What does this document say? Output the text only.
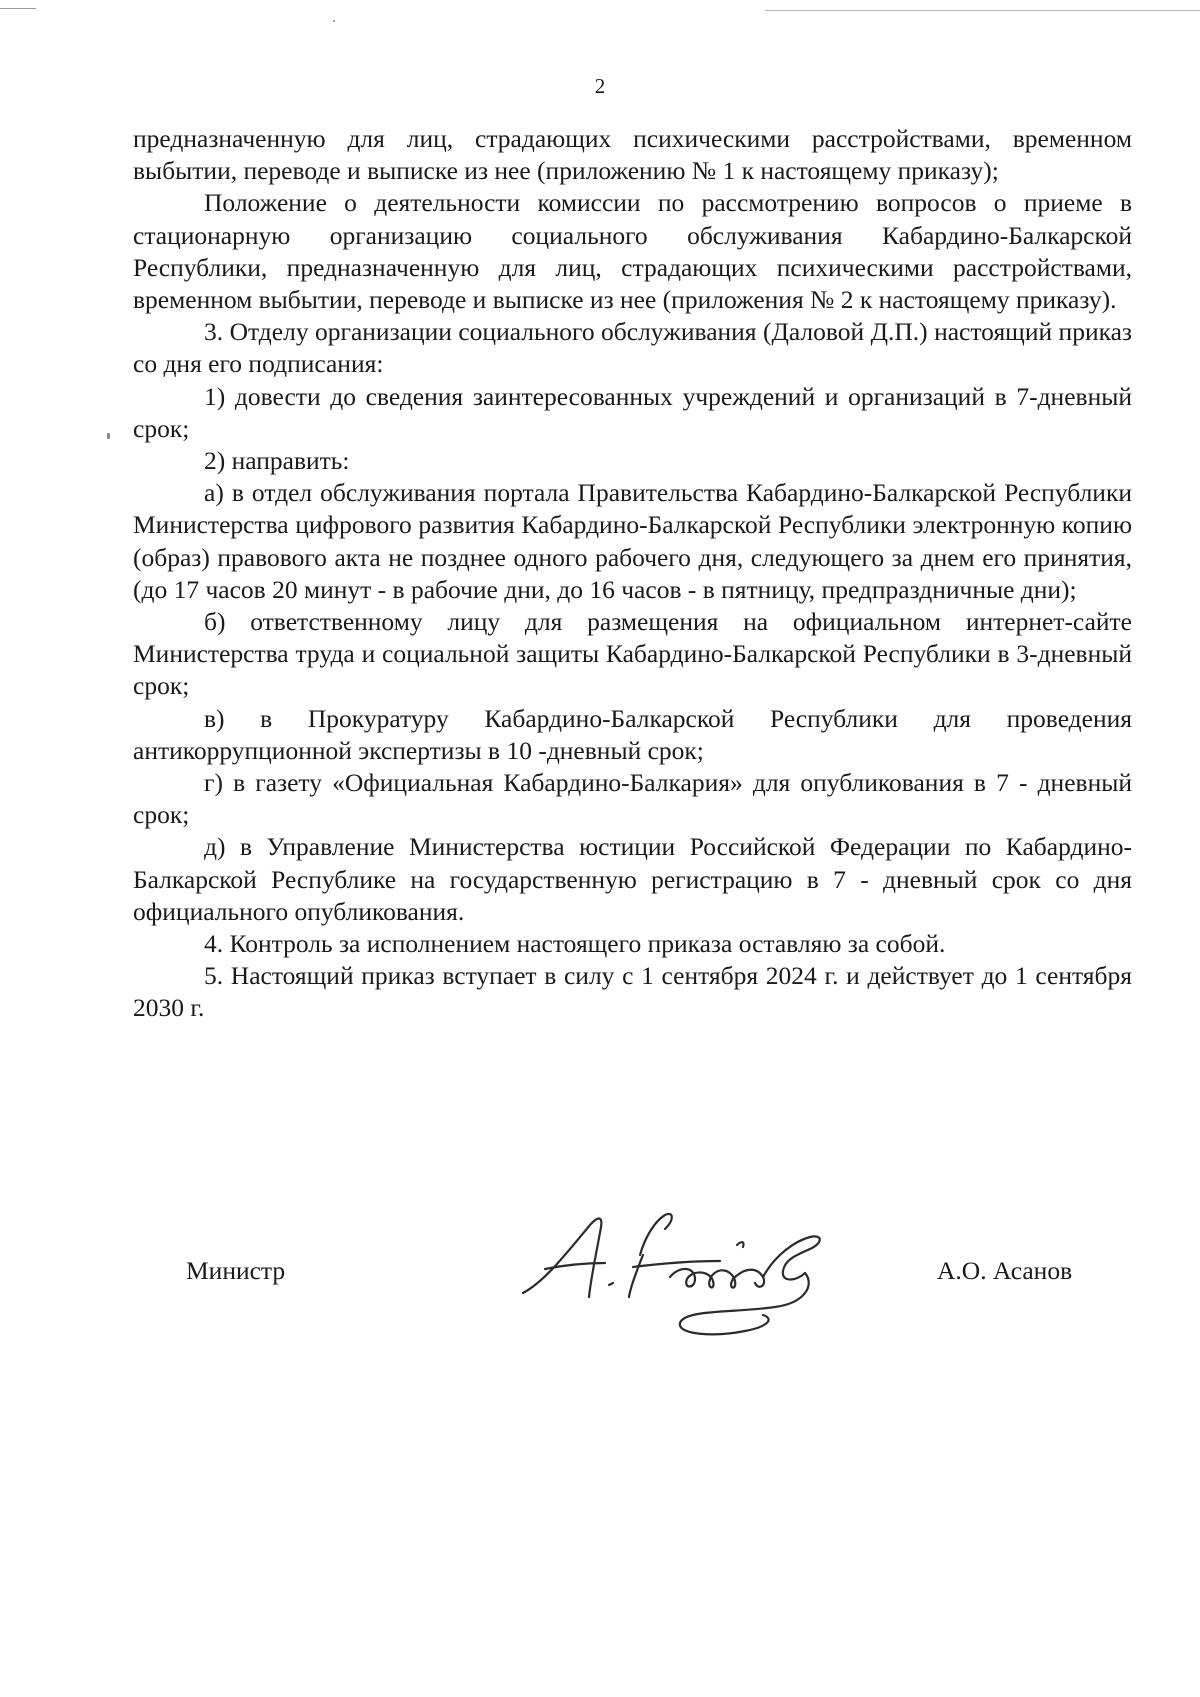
2

предназначенную для лиц, страдающих психическими расстройствами, временном выбытии, переводе и выписке из нее (приложению № 1 к настоящему приказу);

Положение о деятельности комиссии по рассмотрению вопросов о приеме в стационарную организацию социального обслуживания Кабардино-Балкарской Республики, предназначенную для лиц, страдающих психическими расстройствами, временном выбытии, переводе и выписке из нее (приложения № 2 к настоящему приказу).

3. Отделу организации социального обслуживания (Даловой Д.П.) настоящий приказ со дня его подписания:

1) довести до сведения заинтересованных учреждений и организаций в 7-дневный срок;

2) направить:

а) в отдел обслуживания портала Правительства Кабардино-Балкарской Республики Министерства цифрового развития Кабардино-Балкарской Республики электронную копию (образ) правового акта не позднее одного рабочего дня, следующего за днем его принятия, (до 17 часов 20 минут - в рабочие дни, до 16 часов - в пятницу, предпраздничные дни);

б) ответственному лицу для размещения на официальном интернет-сайте Министерства труда и социальной защиты Кабардино-Балкарской Республики в 3-дневный срок;

в) в Прокуратуру Кабардино-Балкарской Республики для проведения антикоррупционной экспертизы в 10 -дневный срок;

г) в газету «Официальная Кабардино-Балкария» для опубликования в 7 - дневный срок;

д) в Управление Министерства юстиции Российской Федерации по Кабардино-Балкарской Республике на государственную регистрацию в 7 - дневный срок со дня официального опубликования.

4. Контроль за исполнением настоящего приказа оставляю за собой.

5. Настоящий приказ вступает в силу с 1 сентября 2024 г. и действует до 1 сентября 2030 г.

Министр	А.О. Асанов
